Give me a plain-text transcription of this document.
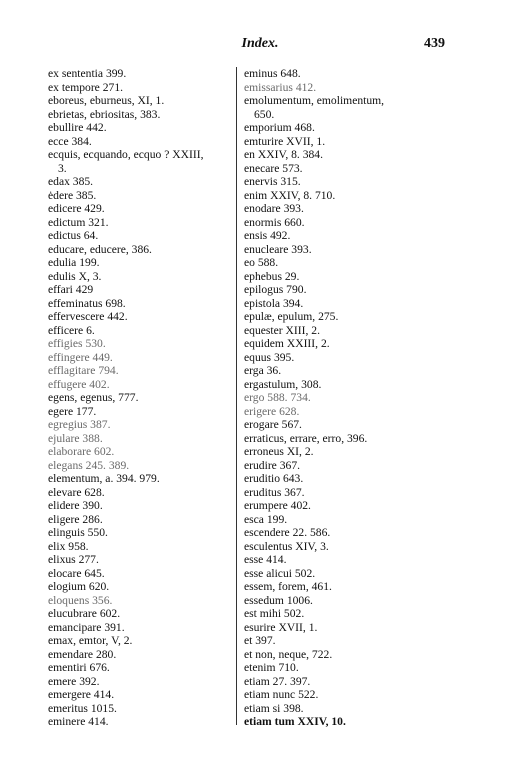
Index.	439
ex sententia 399.
ex tempore 271.
eboreus, eburneus, XI, 1.
ebrietas, ebriositas, 383.
ebullire 442.
ecce 384.
ecquis, ecquando, ecquo ? XXIII,
3.
edax 385.
ėdere 385.
edicere 429.
edictum 321.
edictus 64.
educare, educere, 386.
edulia 199.
edulis X, 3.
effari 429
effeminatus 698.
effervescere 442.
efficere 6.
effigies 530.
effingere 449.
efflagitare 794.
effugere 402.
egens, egenus, 777.
egere 177.
egregius 387.
ejulare 388.
elaborare 602.
elegans 245. 389.
elementum, a. 394. 979.
elevare 628.
elidere 390.
eligere 286.
elinguis 550.
elix 958.
elixus 277.
elocare 645.
elogium 620.
eloquens 356.
elucubrare 602.
emancipare 391.
emax, emtor, V, 2.
emendare 280.
ementiri 676.
emere 392.
emergere 414.
emeritus 1015.
eminere 414.
eminus 648.
emissarius 412.
emolumentum, emolimentum,
650.
emporium 468.
emturire XVII, 1.
en XXIV, 8. 384.
enecare 573.
enervis 315.
enim XXIV, 8. 710.
enodare 393.
enormis 660.
ensis 492.
enucleare 393.
eo 588.
ephebus 29.
epilogus 790.
epistola 394.
epulæ, epulum, 275.
equester XIII, 2.
equidem XXIII, 2.
equus 395.
erga 36.
ergastulum, 308.
ergo 588. 734.
erigere 628.
erogare 567.
erraticus, errare, erro, 396.
erroneus XI, 2.
erudire 367.
eruditio 643.
eruditus 367.
erumpere 402.
esca 199.
escendere 22. 586.
esculentus XIV, 3.
esse 414.
esse alicui 502.
essem, forem, 461.
essedum 1006.
est mihi 502.
esurire XVII, 1.
et 397.
et non, neque, 722.
etenim 710.
etiam 27. 397.
etiam nunc 522.
etiam si 398.
etiam tum XXIV, 10.
